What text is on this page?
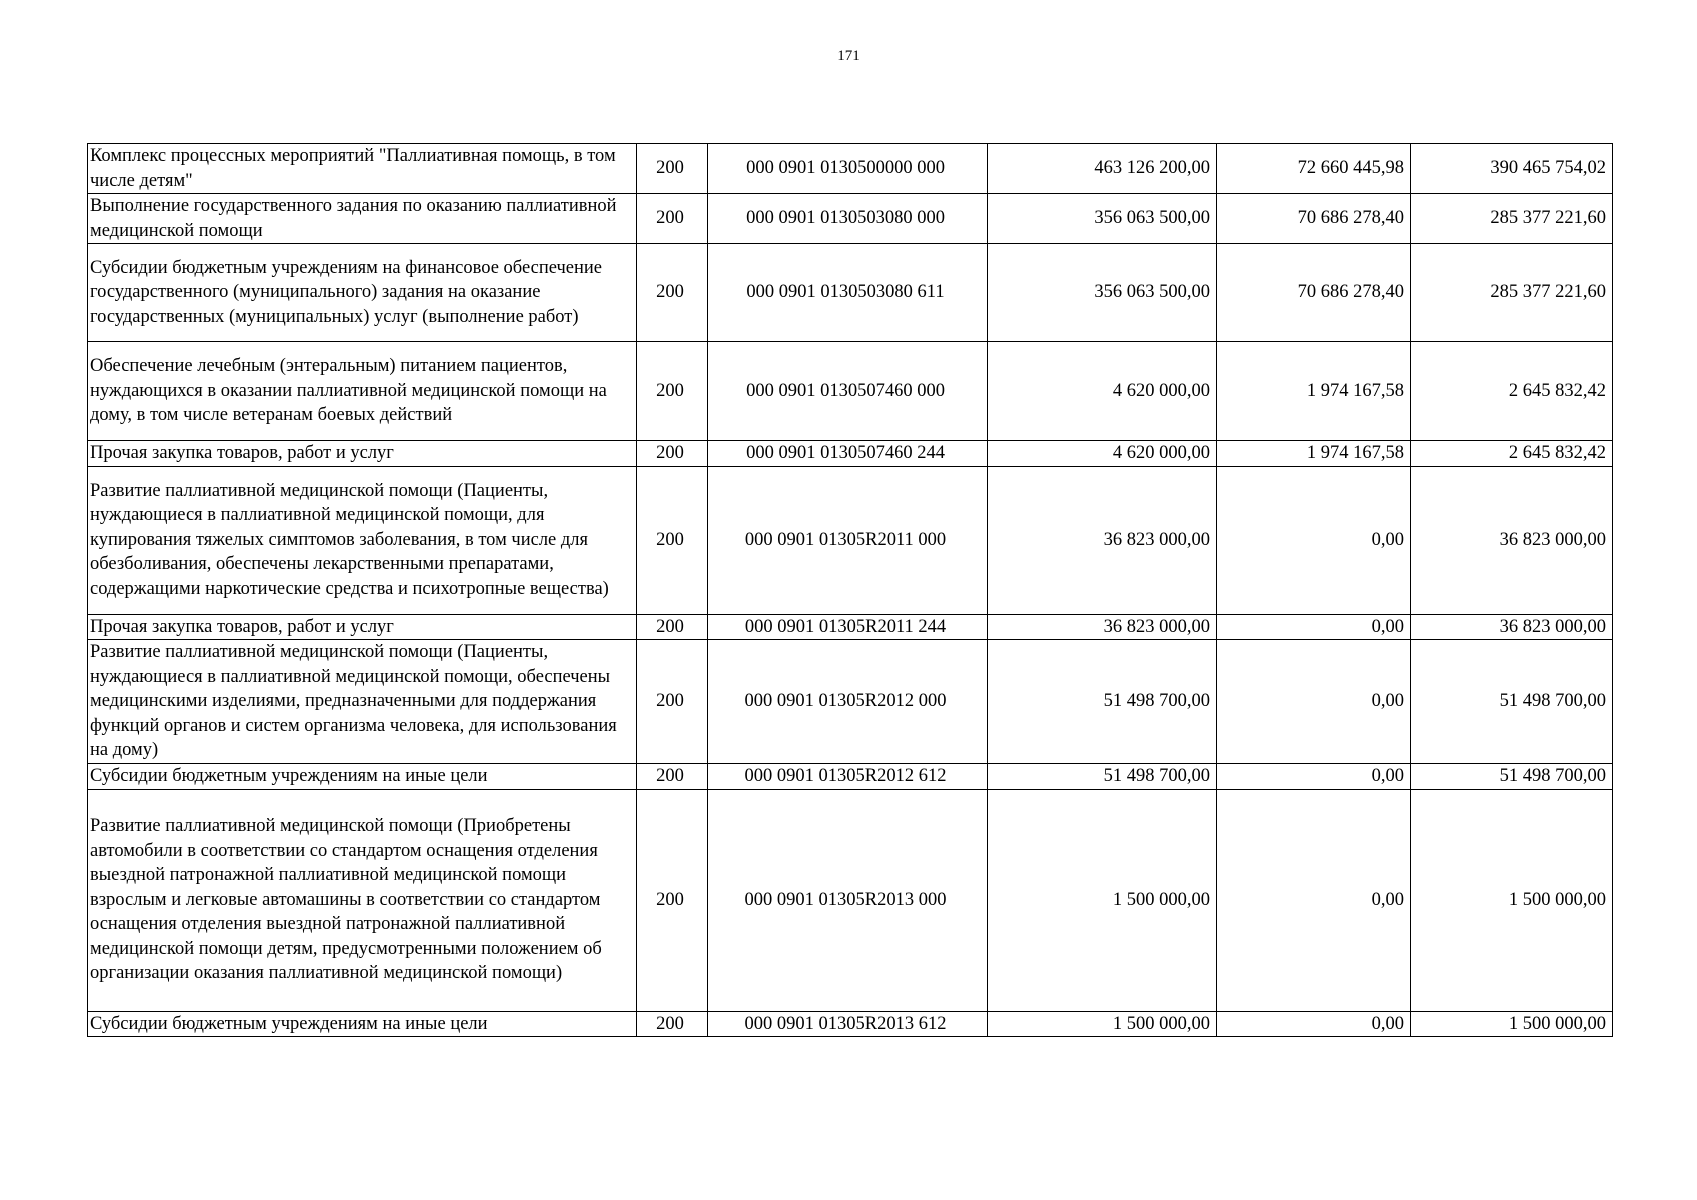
171
Комплекс процессных мероприятий "Паллиативная помощь, в том числе детям"	200	000 0901 0130500000 000	463 126 200,00	72 660 445,98	390 465 754,02
Выполнение государственного задания по оказанию паллиативной медицинской помощи	200	000 0901 0130503080 000	356 063 500,00	70 686 278,40	285 377 221,60
Субсидии бюджетным учреждениям на финансовое обеспечение государственного (муниципального) задания на оказание государственных (муниципальных) услуг (выполнение работ)	200	000 0901 0130503080 611	356 063 500,00	70 686 278,40	285 377 221,60
Обеспечение лечебным (энтеральным) питанием пациентов, нуждающихся в оказании паллиативной медицинской помощи на дому, в том числе ветеранам боевых действий	200	000 0901 0130507460 000	4 620 000,00	1 974 167,58	2 645 832,42
Прочая закупка товаров, работ и услуг	200	000 0901 0130507460 244	4 620 000,00	1 974 167,58	2 645 832,42
Развитие паллиативной медицинской помощи (Пациенты, нуждающиеся в паллиативной медицинской помощи, для купирования тяжелых симптомов заболевания, в том числе для обезболивания, обеспечены лекарственными препаратами, содержащими наркотические средства и психотропные вещества)	200	000 0901 01305R2011 000	36 823 000,00	0,00	36 823 000,00
Прочая закупка товаров, работ и услуг	200	000 0901 01305R2011 244	36 823 000,00	0,00	36 823 000,00
Развитие паллиативной медицинской помощи (Пациенты, нуждающиеся в паллиативной медицинской помощи, обеспечены медицинскими изделиями, предназначенными для поддержания функций органов и систем организма человека, для использования на дому)	200	000 0901 01305R2012 000	51 498 700,00	0,00	51 498 700,00
Субсидии бюджетным учреждениям на иные цели	200	000 0901 01305R2012 612	51 498 700,00	0,00	51 498 700,00
Развитие паллиативной медицинской помощи (Приобретены автомобили в соответствии со стандартом оснащения отделения выездной патронажной паллиативной медицинской помощи взрослым и легковые автомашины в соответствии со стандартом оснащения отделения выездной патронажной паллиативной медицинской помощи детям, предусмотренными положением об организации оказания паллиативной медицинской помощи)	200	000 0901 01305R2013 000	1 500 000,00	0,00	1 500 000,00
Субсидии бюджетным учреждениям на иные цели	200	000 0901 01305R2013 612	1 500 000,00	0,00	1 500 000,00
